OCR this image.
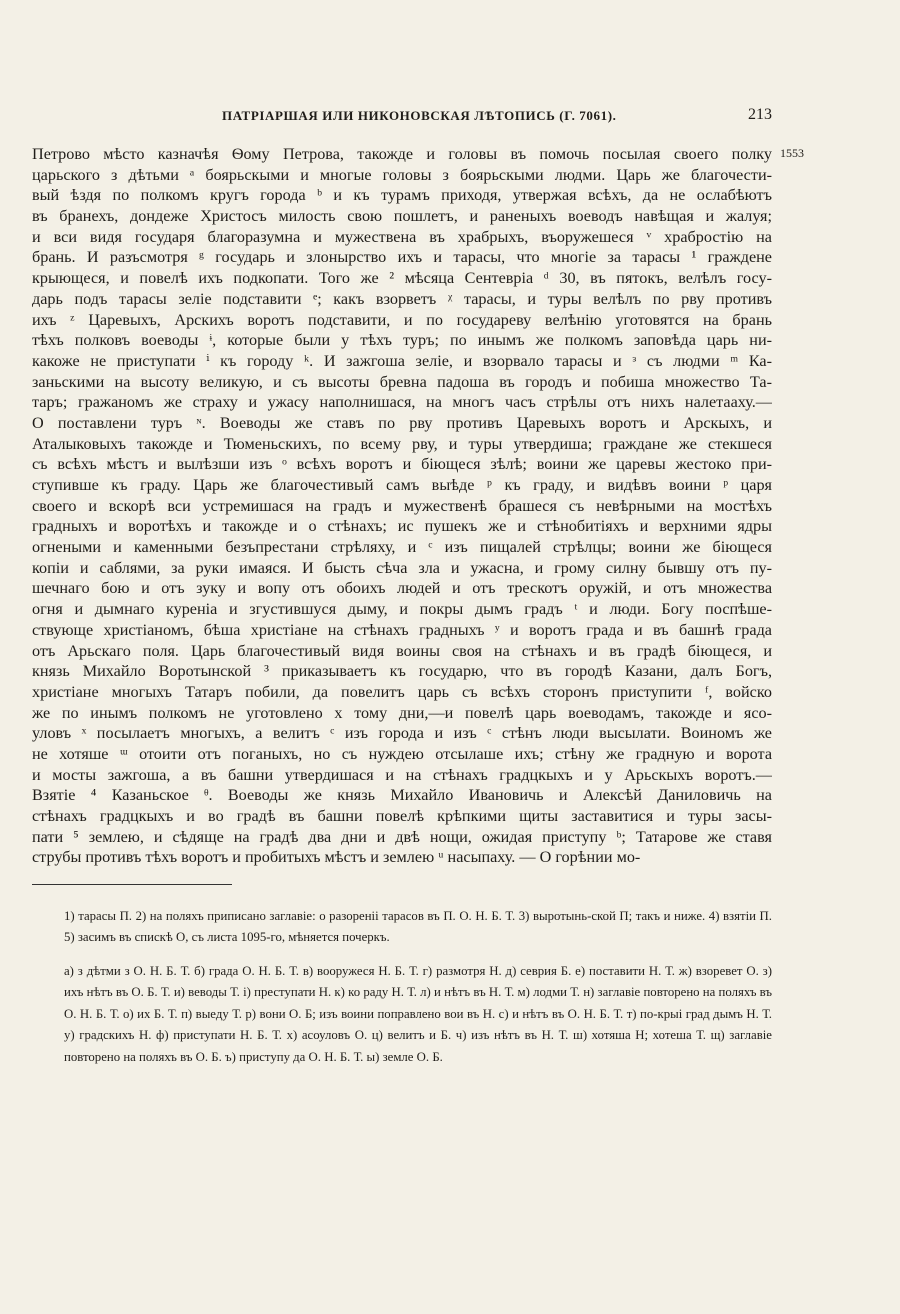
ПАТРІАРШАЯ ИЛИ НИКОНОВСКАЯ ЛѢТОПИСЬ (Г. 7061).	213
1553
Петрово мѣсто казначѣя Ѳому Петрова, такожде и головы въ помочь посылая своего полку
царьского з дѣтьми ᵃ боярьскыми и многые головы з боярьскыми людми. Царь же благочести-
вый ѣздя по полкомъ кругъ города ᵇ и къ турамъ приходя, утвержая всѣхъ, да не ослабѣютъ
въ бранехъ, дондеже Христосъ милость свою пошлетъ, и раненыхъ воеводъ навѣщая и жалуя;
и вси видя государя благоразумна и мужественa въ храбрыхъ, въоружешеся ᵛ храбростію на
брань. И разъсмотря ᵍ государь и злонырство ихъ и тарасы, что многіе за тарасы ¹ граждене
крыющеся, и повелѣ ихъ подкопати. Того же ² мѣсяца Сентевріа ᵈ 30, въ пятокъ, велѣлъ госу-
дарь подъ тарасы зеліе подставити ᵉ; какъ взорветъ ᵡ тарасы, и туры велѣлъ по рву противъ
ихъ ᶻ Царевыхъ, Арскихъ воротъ подставити, и по государеву велѣнію уготовятся на брань
тѣхъ полковъ воеводы ᶤ, которые были у тѣхъ туръ; по инымъ же полкомъ заповѣда царь ни-
какоже не приступати ⁱ къ городу ᵏ. И зажгоша зеліе, и взорвало тарасы и ᵌ съ людми ᵐ Ка-
заньскими на высоту великую, и съ высоты бревна падоша въ городъ и побиша множество Та-
таръ; гражаномъ же страху и ужасу наполнишася, на многъ часъ стрѣлы отъ нихъ налетааху.—
О поставлени туръ ᶰ. Воеводы же ставъ по рву противъ Царевыхъ воротъ и Арскыхъ, и
Аталыковыхъ такожде и Тюменьскихъ, по всему рву, и туры утвердиша; граждане же стекшеся
съ всѣхъ мѣстъ и вылѣзши изъ ᵒ всѣхъ воротъ и біющеся зѣлѣ; воини же царевы жестоко при-
ступивше къ граду. Царь же благочестивый самъ выѣде ᵖ къ граду, и видѣвъ воини ᵖ царя
своего и вскорѣ вси устремишася на градъ и мужественѣ брашеся съ невѣрными на мостѣхъ
градныхъ и воротѣхъ и такожде и о стѣнахъ; ис пушекъ же и стѣнобитіяхъ и верхними ядры
огнеными и каменными безъпрестани стрѣляху, и ᶜ изъ пищалей стрѣлцы; воини же біющеся
копіи и саблями, за руки имаяся. И бысть сѣча зла и ужасна, и грому силну бывшу отъ пу-
шечнаго бою и отъ зуку и вопу отъ обоихъ людей и отъ трескотъ оружій, и отъ множества
огня и дымнаго куреніа и згустившуся дыму, и покры дымъ градъ ᵗ и люди. Богу поспѣше-
ствующе христіаномъ, бѣша христіане на стѣнахъ градныхъ ʸ и воротъ града и въ башнѣ града
отъ Арьскаго поля. Царь благочестивый видя воины своя на стѣнахъ и въ градѣ біющеся, и
князь Михайло Воротынской ³ приказываетъ къ государю, что въ городѣ Казани, далъ Богъ,
христіане многыхъ Татаръ побили, да повелитъ царь съ всѣхъ сторонъ приступити ᶠ, войско
же по инымъ полкомъ не уготовлено х тому дни,—и повелѣ царь воеводамъ, такожде и ясо-
уловъ ˣ посылаетъ многыхъ, а велитъ ᶜ изъ города и изъ ᶜ стѣнъ люди высылати. Воиномъ же
не хотяше ᵚ отоити отъ поганыхъ, но съ нуждею отсылаше ихъ; стѣну же градную и ворота
и мосты зажгоша, а въ башни утвердишася и на стѣнахъ градцкыхъ и у Арьскыхъ воротъ.—
Взятіе ⁴ Казаньское ᶿ. Воеводы же князь Михайло Ивановичь и Алексѣй Даниловичь на
стѣнахъ градцкыхъ и во градѣ въ башни повелѣ крѣпкими щиты заставитися и туры засы-
пати ⁵ землею, и сѣдяще на градѣ два дни и двѣ нощи, ожидая приступу ᵇ; Татарове же ставя
струбы противъ тѣхъ воротъ и пробитыхъ мѣстъ и землею ᵘ насыпаху. — О горѣнии мо-

1) тарасы П. 2) на поляхъ приписано заглавіе: о разореніі тарасов въ П. О. Н. Б. Т. 3) выротынь-ской П; такъ и ниже. 4) взятіи П. 5) засимъ въ спискѣ О, съ листа 1095-го, мѣняется почеркъ.

а) з дѣтми з О. Н. Б. Т. б) града О. Н. Б. Т. в) вооружеся Н. Б. Т. г) размотря Н. д) севрия Б. е) поставити Н. Т. ж) взоревет О. з) ихъ нѣтъ въ О. Б. Т. и) веводы Т. і) преступати Н. к) ко раду Н. Т. л) и нѣтъ въ Н. Т. м) лодми Т. н) заглавіе повторено на поляхъ въ О. Н. Б. Т. о) их Б. Т. п) выеду Т. р) вони О. Б; изъ воини поправлено вои въ Н. с) и нѣтъ въ О. Н. Б. Т. т) по-крыі град дымъ Н. Т. у) градскихъ Н. ф) приступати Н. Б. Т. х) асоуловъ О. ц) велитъ и Б. ч) изъ нѣтъ въ Н. Т. ш) хотяша Н; хотеша Т. щ) заглавіе повторено на поляхъ въ О. Б. ъ) приступу да О. Н. Б. Т. ы) земле О. Б.
